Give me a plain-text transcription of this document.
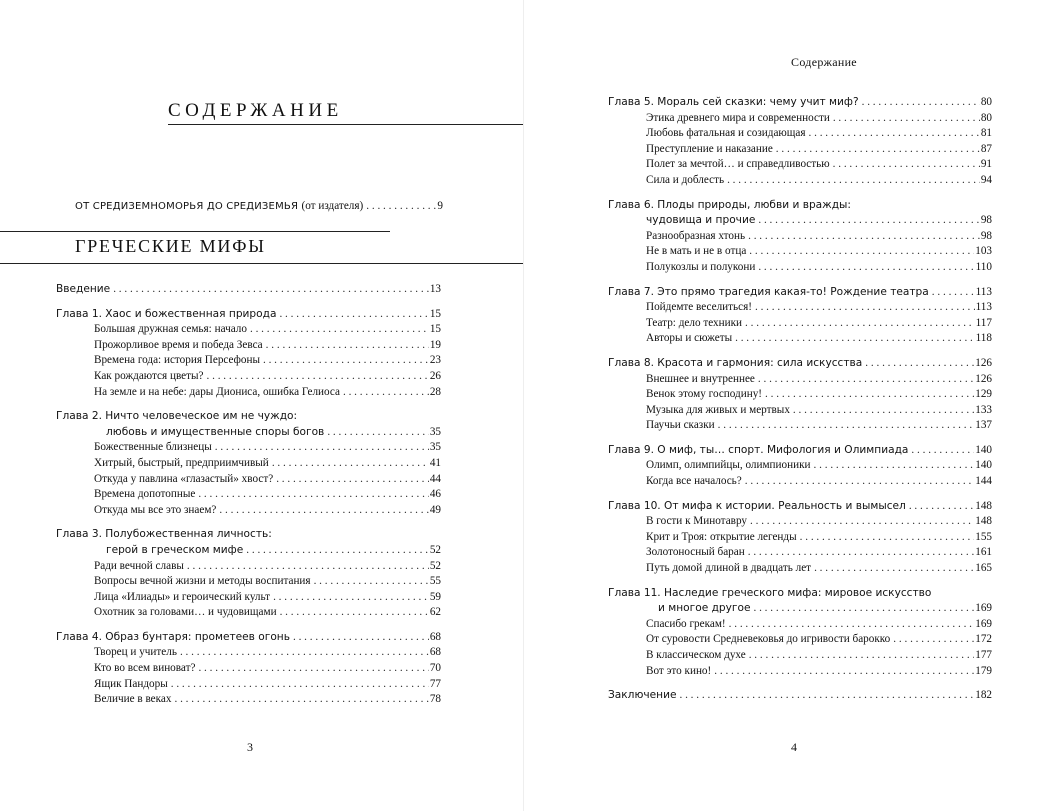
СОДЕРЖАНИЕ
ОТ СРЕДИЗЕМНОМОРЬЯ ДО СРЕДИЗЕМЬЯ (от издателя) . . .	9
ГРЕЧЕСКИЕ МИФЫ
Введение . . .	13
Глава 1. Хаос и божественная природа . . .	15
Большая дружная семья: начало . . .	15
Прожорливое время и победа Зевса . . .	19
Времена года: история Персефоны . . .	23
Как рождаются цветы? . . .	26
На земле и на небе: дары Диониса, ошибка Гелиоса . . .	28
Глава 2. Ничто человеческое им не чуждо:
любовь и имущественные споры богов . . .	35
Божественные близнецы . . .	35
Хитрый, быстрый, предприимчивый . . .	41
Откуда у павлина «глазастый» хвост? . . .	44
Времена допотопные . . .	46
Откуда мы все это знаем? . . .	49
Глава 3. Полубожественная личность:
герой в греческом мифе . . .	52
Ради вечной славы . . .	52
Вопросы вечной жизни и методы воспитания . . .	55
Лица «Илиады» и героический культ . . .	59
Охотник за головами… и чудовищами . . .	62
Глава 4. Образ бунтаря: прометеев огонь . . .	68
Творец и учитель . . .	68
Кто во всем виноват? . . .	70
Ящик Пандоры . . .	77
Величие в веках . . .	78
3
Содержание
Глава 5. Мораль сей сказки: чему учит миф? . . .	80
Этика древнего мира и современности . . .	80
Любовь фатальная и созидающая . . .	81
Преступление и наказание . . .	87
Полет за мечтой… и справедливостью . . .	91
Сила и доблесть . . .	94
Глава 6. Плоды природы, любви и вражды:
чудовища и прочие . . .	98
Разнообразная хтонь . . .	98
Не в мать и не в отца . . .	103
Полукозлы и полукони . . .	110
Глава 7. Это прямо трагедия какая-то! Рождение театра . . .	113
Пойдемте веселиться! . . .	113
Театр: дело техники . . .	117
Авторы и сюжеты . . .	118
Глава 8. Красота и гармония: сила искусства . . .	126
Внешнее и внутреннее . . .	126
Венок этому господину! . . .	129
Музыка для живых и мертвых . . .	133
Паучьи сказки . . .	137
Глава 9. О миф, ты… спорт. Мифология и Олимпиада . . .	140
Олимп, олимпийцы, олимпионики . . .	140
Когда все началось? . . .	144
Глава 10. От мифа к истории. Реальность и вымысел . . .	148
В гости к Минотавру . . .	148
Крит и Троя: открытие легенды . . .	155
Золотоносный баран . . .	161
Путь домой длиной в двадцать лет . . .	165
Глава 11. Наследие греческого мифа: мировое искусство
и многое другое . . .	169
Спасибо грекам! . . .	169
От суровости Средневековья до игривости барокко . . .	172
В классическом духе . . .	177
Вот это кино! . . .	179
Заключение . . .	182
4
